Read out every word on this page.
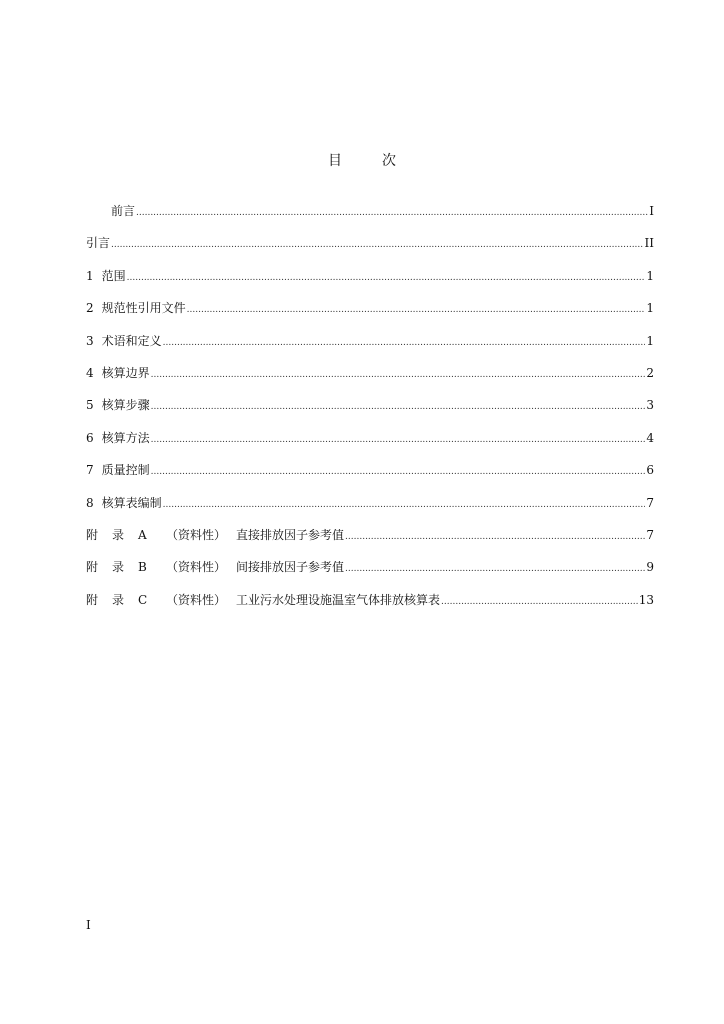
目	次
前言 .....	I
引言 .....	II
1 范围 .....	1
2 规范性引用文件 .....	1
3 术语和定义 .....	1
4 核算边界 .....	2
5 核算步骤 .....	3
6 核算方法 .....	4
7 质量控制 .....	6
8 核算表编制 .....	7
附录A （资料性） 直接排放因子参考值 .....	7
附录B （资料性） 间接排放因子参考值 .....	9
附录C （资料性） 工业污水处理设施温室气体排放核算表 .....	13
I
